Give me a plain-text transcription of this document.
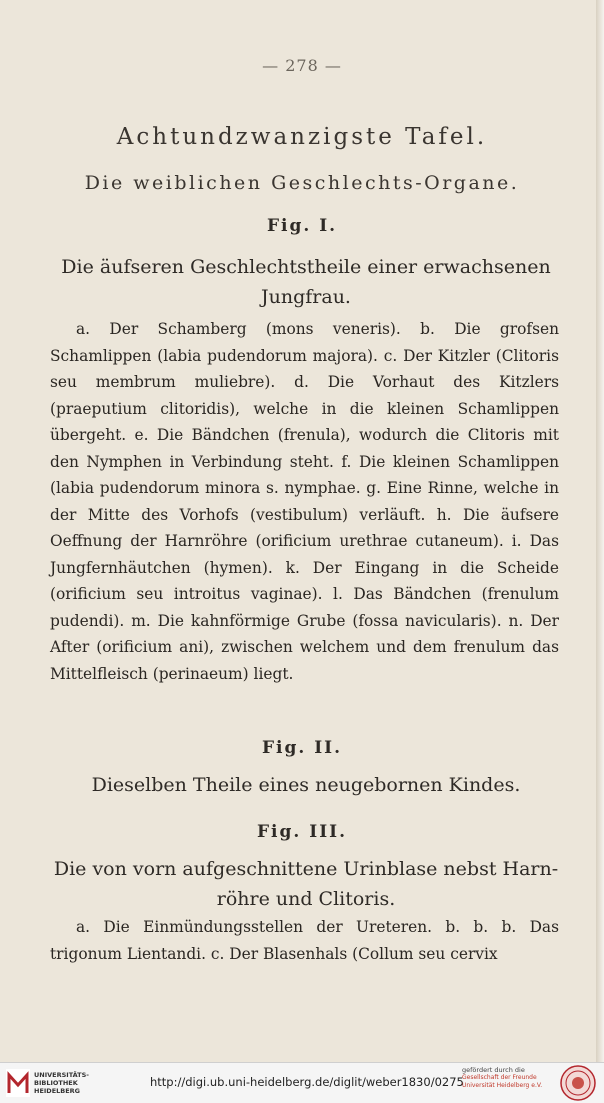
— 278 —
Achtundzwanzigste Tafel.
Die weiblichen Geschlechts-Organe.
Fig. I.
Die äufseren Geschlechtstheile einer erwachsenen
Jungfrau.
a. Der Schamberg (mons veneris). b. Die grofsen Schamlippen (labia pudendorum majora). c. Der Kitzler (Clitoris seu membrum muliebre). d. Die Vorhaut des Kitzlers (praeputium clitoridis), welche in die kleinen Schamlippen übergeht. e. Die Bändchen (frenula), wodurch die Clitoris mit den Nymphen in Verbindung steht. f. Die kleinen Schamlippen (labia pudendorum minora s. nymphae. g. Eine Rinne, welche in der Mitte des Vorhofs (vestibulum) verläuft. h. Die äufsere Oeffnung der Harnröhre (orificium urethrae cutaneum). i. Das Jungfernhäutchen (hymen). k. Der Eingang in die Scheide (orificium seu introitus vaginae). l. Das Bändchen (frenulum pudendi). m. Die kahnförmige Grube (fossa navicularis). n. Der After (orificium ani), zwischen welchem und dem frenulum das Mittelfleisch (perinaeum) liegt.
Fig. II.
Dieselben Theile eines neugebornen Kindes.
Fig. III.
Die von vorn aufgeschnittene Urinblase nebst Harn-
röhre und Clitoris.
a. Die Einmündungsstellen der Ureteren. b. b. b. Das trigonum Lientandi. c. Der Blasenhals (Collum seu cervix
UNIVERSITÄTS-
BIBLIOTHEK
HEIDELBERG
http://digi.ub.uni-heidelberg.de/diglit/weber1830/0275
gefördert durch die
Gesellschaft der Freunde
Universität Heidelberg e.V.
